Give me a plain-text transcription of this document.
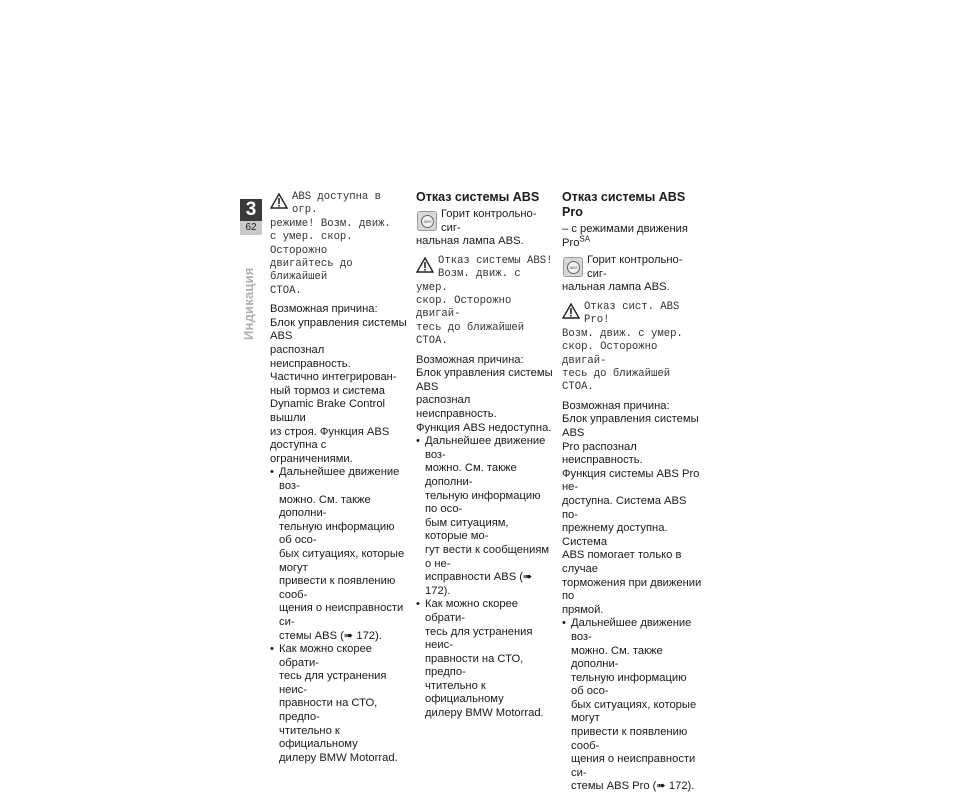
3
62
Индикация
ABS доступна в огр.
режиме! Возм. движ.
с умер. скор. Осторожно
двигайтесь до ближайшей
СТОА.

Возможная причина:

Блок управления системы ABS
распознал неисправность.
Частично интегрирован-
ный тормоз и система
Dynamic Brake Control вышли
из строя. Функция ABS
доступна с ограничениями.
• Дальнейшее движение воз-
можно. См. также дополни-
тельную информацию об осо-
бых ситуациях, которые могут
привести к появлению сооб-
щения о неисправности си-
стемы ABS (➠ 172).
• Как можно скорее обрати-
тесь для устранения неис-
правности на СТО, предпо-
чтительно к официальному
дилеру BMW Motorrad.

Отказ системы ABS

ABS
Горит контрольно-сиг-
нальная лампа ABS.
Отказ системы ABS!
Возм. движ. с умер.
скор. Осторожно двигай-
тесь до ближайшей СТОА.

Возможная причина:

Блок управления системы ABS
распознал неисправность.
Функция ABS недоступна.
• Дальнейшее движение воз-
можно. См. также дополни-
тельную информацию по осо-
бым ситуациям, которые мо-
гут вести к сообщениям о не-
исправности ABS (➠ 172).
• Как можно скорее обрати-
тесь для устранения неис-
правности на СТО, предпо-
чтительно к официальному
дилеру BMW Motorrad.

Отказ системы ABS Pro

– с режимами движения Pro$^{SA}$

ABS
Горит контрольно-сиг-
нальная лампа ABS.
Отказ сист. ABS Pro!
Возм. движ. с умер.
скор. Осторожно двигай-
тесь до ближайшей СТОА.

Возможная причина:

Блок управления системы ABS
Pro распознал неисправность.
Функция системы ABS Pro не-
доступна. Система ABS по-
прежнему доступна. Система
ABS помогает только в случае
торможения при движении по
прямой.
• Дальнейшее движение воз-
можно. См. также дополни-
тельную информацию об осо-
бых ситуациях, которые могут
привести к появлению сооб-
щения о неисправности си-
стемы ABS Pro (➠ 172).
